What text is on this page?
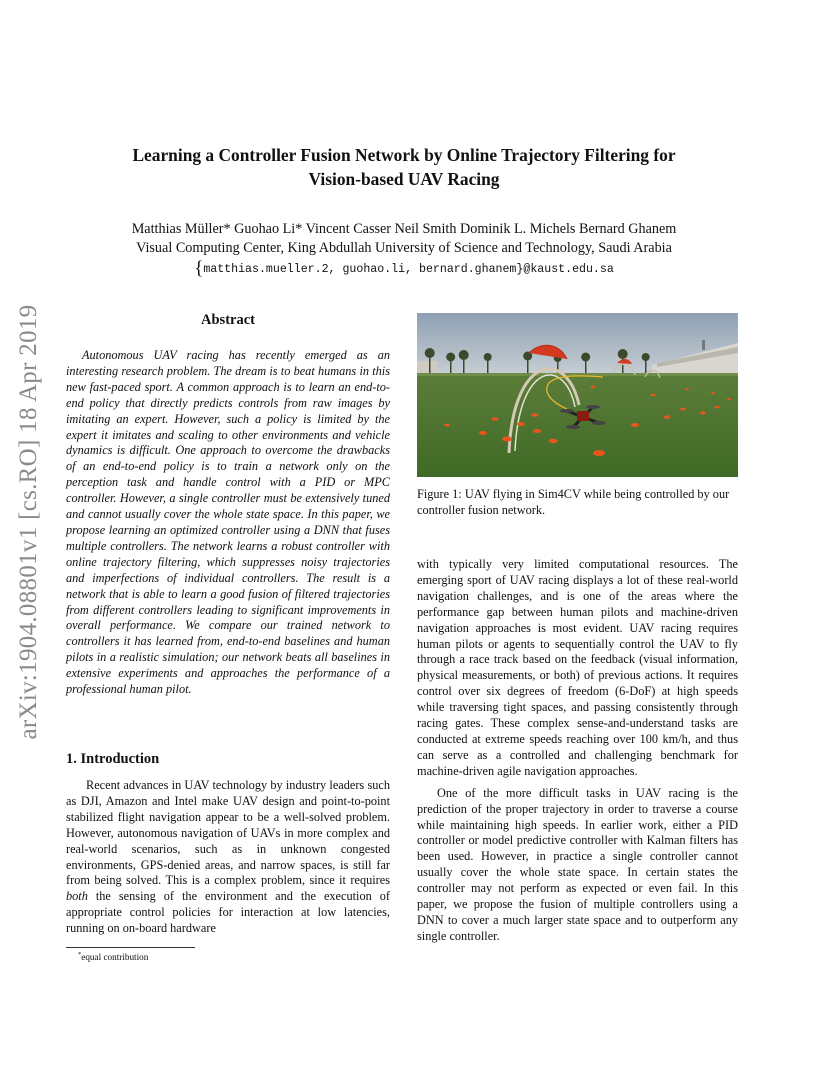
arXiv:1904.08801v1 [cs.RO] 18 Apr 2019
Learning a Controller Fusion Network by Online Trajectory Filtering for
Vision-based UAV Racing
Matthias Müller* Guohao Li* Vincent Casser Neil Smith Dominik L. Michels Bernard Ghanem
Visual Computing Center, King Abdullah University of Science and Technology, Saudi Arabia
{matthias.mueller.2, guohao.li, bernard.ghanem}@kaust.edu.sa
Abstract

Autonomous UAV racing has recently emerged as an interesting research problem. The dream is to beat humans in this new fast-paced sport. A common approach is to learn an end-to-end policy that directly predicts controls from raw images by imitating an expert. However, such a policy is limited by the expert it imitates and scaling to other environments and vehicle dynamics is difficult. One approach to overcome the drawbacks of an end-to-end policy is to train a network only on the perception task and handle control with a PID or MPC controller. However, a single controller must be extensively tuned and cannot usually cover the whole state space. In this paper, we propose learning an optimized controller using a DNN that fuses multiple controllers. The network learns a robust controller with online trajectory filtering, which suppresses noisy trajectories and imperfections of individual controllers. The result is a network that is able to learn a good fusion of filtered trajectories from different controllers leading to significant improvements in overall performance. We compare our trained network to controllers it has learned from, end-to-end baselines and human pilots in a realistic simulation; our network beats all baselines in extensive experiments and approaches the performance of a professional human pilot.

1. Introduction

Recent advances in UAV technology by industry leaders such as DJI, Amazon and Intel make UAV design and point-to-point stabilized flight navigation appear to be a well-solved problem. However, autonomous navigation of UAVs in more complex and real-world scenarios, such as in unknown congested environments, GPS-denied areas, and narrow spaces, is still far from being solved. This is a complex problem, since it requires both the sensing of the environment and the execution of appropriate control policies for interaction at low latencies, running on on-board hardware

*equal contribution
Figure 1: UAV flying in Sim4CV while being controlled by our controller fusion network.

with typically very limited computational resources. The emerging sport of UAV racing displays a lot of these real-world navigation challenges, and is one of the areas where the performance gap between human pilots and machine-driven navigation approaches is most evident. UAV racing requires human pilots or agents to sequentially control the UAV to fly through a race track based on the feedback (visual information, physical measurements, or both) of previous actions. It requires control over six degrees of freedom (6-DoF) at high speeds while traversing tight spaces, and passing consistently through racing gates. These complex sense-and-understand tasks are conducted at extreme speeds reaching over 100 km/h, and thus can serve as a controlled and challenging benchmark for machine-driven agile navigation approaches.

One of the more difficult tasks in UAV racing is the prediction of the proper trajectory in order to traverse a course while maintaining high speeds. In earlier work, either a PID controller or model predictive controller with Kalman filters has been used. However, in practice a single controller cannot usually cover the whole state space. In certain states the controller may not perform as expected or even fail. In this paper, we propose the fusion of multiple controllers using a DNN to cover a much larger state space and to outperform any single controller.
